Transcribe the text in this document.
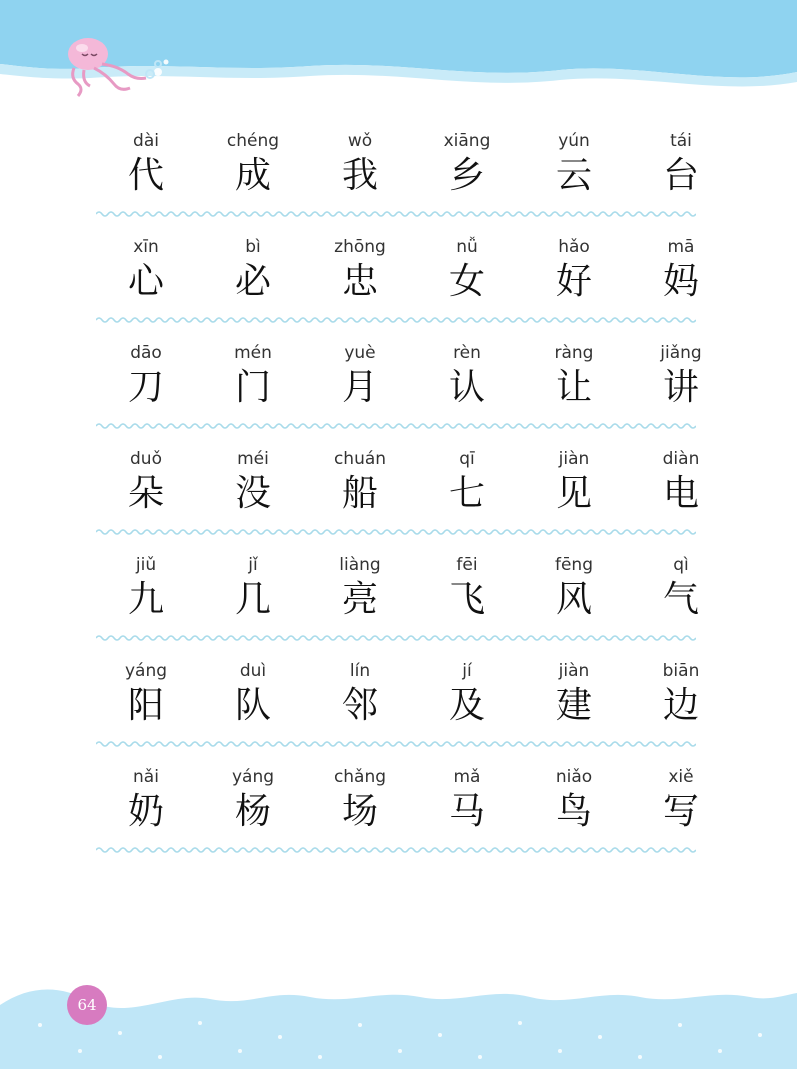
dài
代
chéng
成
wǒ
我
xiāng
乡
yún
云
tái
台
xīn
心
bì
必
zhōng
忠
nǚ
女
hǎo
好
mā
妈
dāo
刀
mén
门
yuè
月
rèn
认
ràng
让
jiǎng
讲
duǒ
朵
méi
没
chuán
船
qī
七
jiàn
见
diàn
电
jiǔ
九
jǐ
几
liàng
亮
fēi
飞
fēng
风
qì
气
yáng
阳
duì
队
lín
邻
jí
及
jiàn
建
biān
边
nǎi
奶
yáng
杨
chǎng
场
mǎ
马
niǎo
鸟
xiě
写
64
